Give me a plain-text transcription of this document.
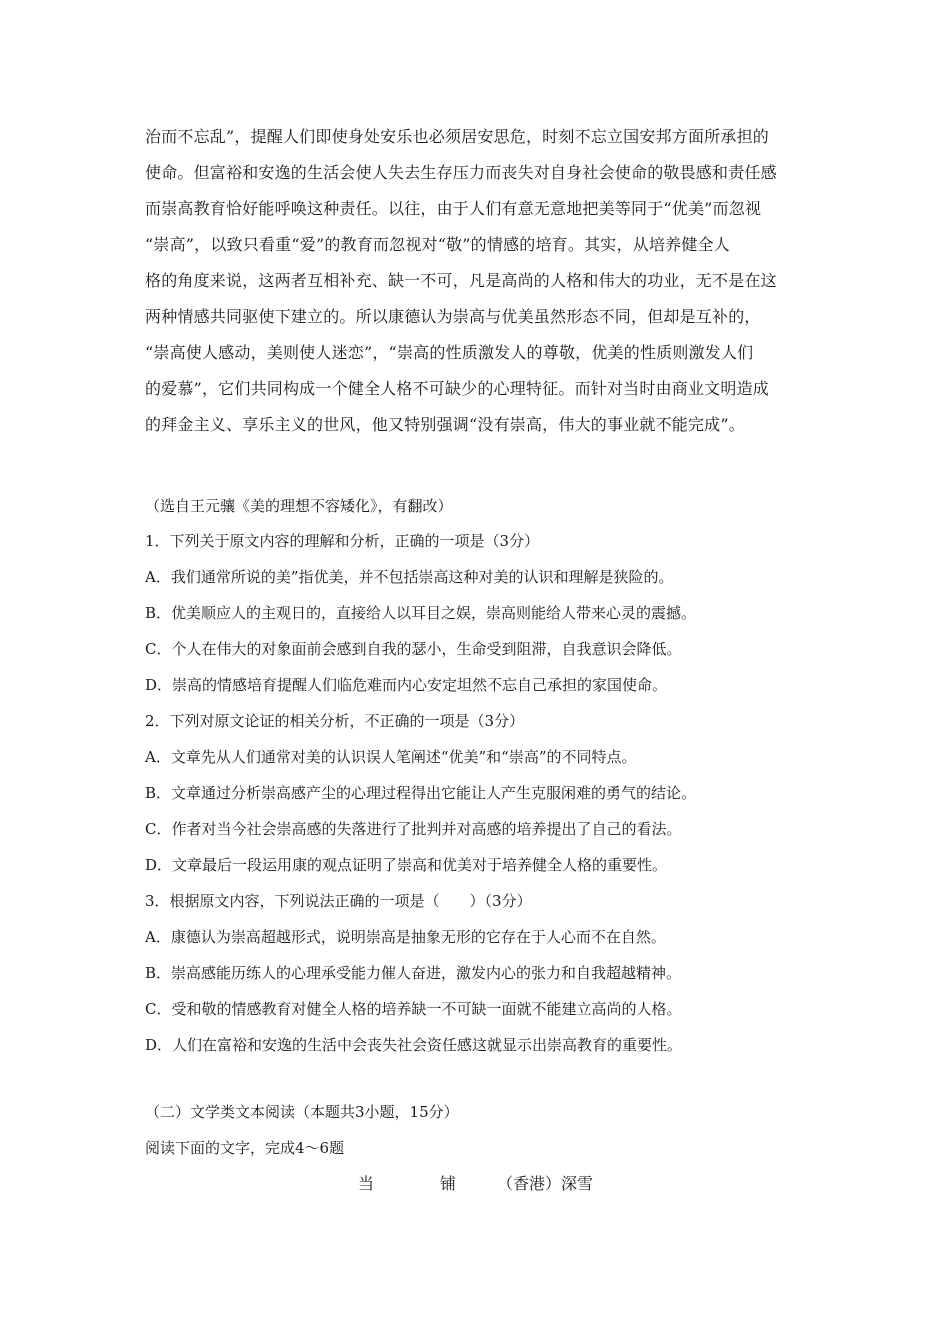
治而不忘乱”，提醒人们即使身处安乐也必须居安思危，时刻不忘立国安邦方面所承担的
使命。但富裕和安逸的生活会使人失去生存压力而丧失对自身社会使命的敬畏感和责任感
而崇高教育恰好能呼唤这种责任。以往，由于人们有意无意地把美等同于“优美”而忽视
“崇高”，以致只看重“爱”的教育而忽视对“敬”的情感的培育。其实，从培养健全人
格的角度来说，这两者互相补充、缺一不可，凡是高尚的人格和伟大的功业，无不是在这
两种情感共同驱使下建立的。所以康德认为崇高与优美虽然形态不同，但却是互补的，
“崇高使人感动，美则使人迷恋”，“崇高的性质激发人的尊敬，优美的性质则激发人们
的爱慕”，它们共同构成一个健全人格不可缺少的心理特征。而针对当时由商业文明造成
的拜金主义、享乐主义的世风，他又特别强调“没有崇高，伟大的事业就不能完成”。
（选自王元骧《美的理想不容矮化》，有翻改）
1．下列关于原文内容的理解和分析，正确的一项是（3分）
A．我们通常所说的美”指优美，并不包括崇高这种对美的认识和理解是狭险的。
B．优美顺应人的主观日的，直接给人以耳目之娱，崇高则能给人带来心灵的震撼。
C．个人在伟大的对象面前会感到自我的瑟小，生命受到阻滞，自我意识会降低。
D．崇高的情感培育提醒人们临危难而内心安定坦然不忘自己承担的家国使命。
2．下列对原文论证的相关分析，不正确的一项是（3分）
A．文章先从人们通常对美的认识误人笔阐述“优美”和“崇高”的不同特点。
B．文章通过分析崇高感产尘的心理过程得出它能让人产生克服闲难的勇气的结论。
C．作者对当今社会崇高感的失落进行了批判并对高感的培养提出了自己的看法。
D．文章最后一段运用康的观点证明了崇高和优美对于培养健全人格的重要性。
3．根据原文内容，下列说法正确的一项是（　　）（3分）
A．康德认为崇高超越形式，说明崇高是抽象无形的它存在于人心而不在自然。
B．崇高感能历练人的心理承受能力催人奋进，激发内心的张力和自我超越精神。
C．受和敬的情感教育对健全人格的培养缺一不可缺一面就不能建立高尚的人格。
D．人们在富裕和安逸的生活中会丧失社会资任感这就显示出崇高教育的重要性。
（二）文学类文本阅读（本题共3小题，15分）
阅读下面的文字，完成4～6题
当	铺	（香港）深雪
